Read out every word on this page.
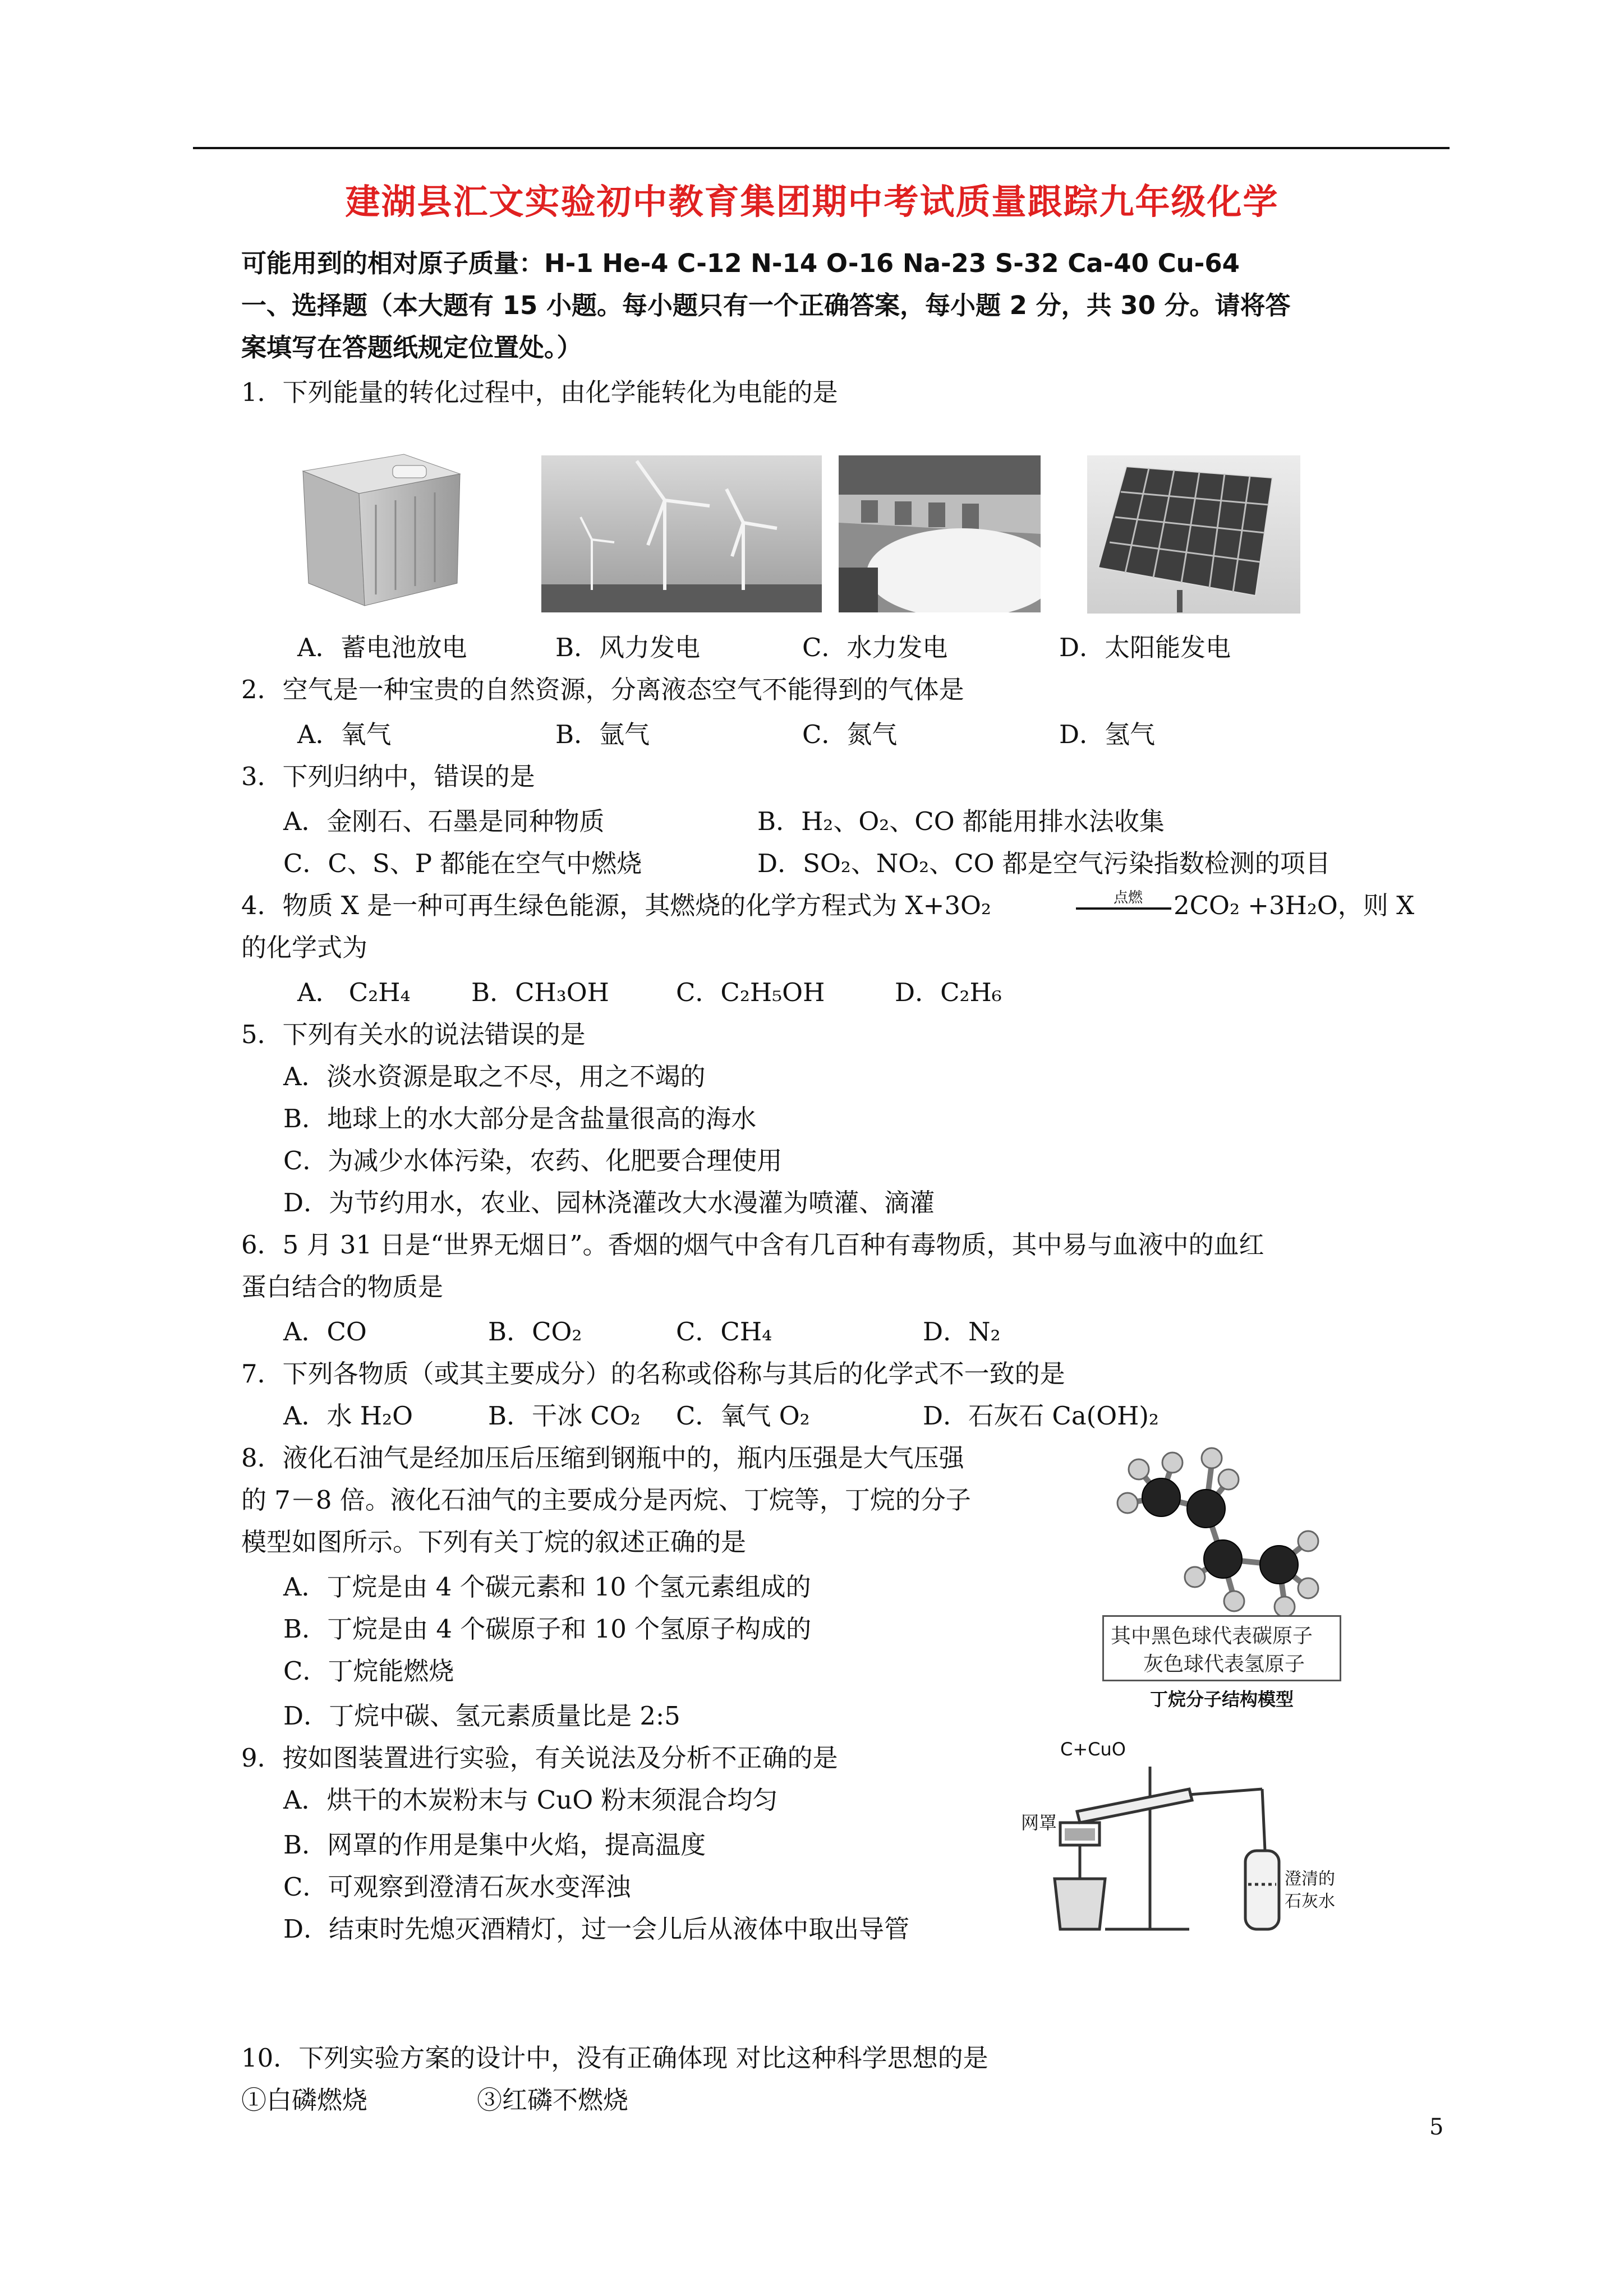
建湖县汇文实验初中教育集团期中考试质量跟踪九年级化学
可能用到的相对原子质量：H-1 He-4 C-12 N-14 O-16 Na-23 S-32 Ca-40 Cu-64
一、选择题（本大题有 15 小题。每小题只有一个正确答案，每小题 2 分，共 30 分。请将答
案填写在答题纸规定位置处。）
1．下列能量的转化过程中，由化学能转化为电能的是
A．蓄电池放电	B．风力发电	C．水力发电	D．太阳能发电
2．空气是一种宝贵的自然资源，分离液态空气不能得到的气体是
A．氧气	B．氩气	C．氮气	D．氢气
3．下列归纳中，错误的是
A．金刚石、石墨是同种物质	B．H₂、O₂、CO 都能用排水法收集
C．C、S、P 都能在空气中燃烧	D．SO₂、NO₂、CO 都是空气污染指数检测的项目
4．物质 X 是一种可再生绿色能源，其燃烧的化学方程式为 X+3O₂	点燃 2CO₂ +3H₂O，则 X
的化学式为
A． C₂H₄ B．CH₃OH	C．C₂H₅OH	D．C₂H₆
5．下列有关水的说法错误的是
A．淡水资源是取之不尽，用之不竭的
B．地球上的水大部分是含盐量很高的海水
C．为减少水体污染，农药、化肥要合理使用
D．为节约用水，农业、园林浇灌改大水漫灌为喷灌、滴灌
6．5 月 31 日是“世界无烟日”。香烟的烟气中含有几百种有毒物质，其中易与血液中的血红
蛋白结合的物质是
A．CO	B．CO₂	C．CH₄	D．N₂
7．下列各物质（或其主要成分）的名称或俗称与其后的化学式不一致的是
A．水 H₂O	B．干冰 CO₂ C．氧气 O₂	D．石灰石 Ca(OH)₂
8．液化石油气是经加压后压缩到钢瓶中的，瓶内压强是大气压强
的 7－8 倍。液化石油气的主要成分是丙烷、丁烷等，丁烷的分子
模型如图所示。下列有关丁烷的叙述正确的是
A．丁烷是由 4 个碳元素和 10 个氢元素组成的
B．丁烷是由 4 个碳原子和 10 个氢原子构成的
C．丁烷能燃烧
D．丁烷中碳、氢元素质量比是 2:5
其中黑色球代表碳原子
灰色球代表氢原子
丁烷分子结构模型
9．按如图装置进行实验，有关说法及分析不正确的是
A．烘干的木炭粉末与 CuO 粉末须混合均匀
B．网罩的作用是集中火焰，提高温度
C．可观察到澄清石灰水变浑浊
D．结束时先熄灭酒精灯，过一会儿后从液体中取出导管
C+CuO
网罩
澄清的
石灰水
10．下列实验方案的设计中，没有正确体现 对比这种科学思想的是
①白磷燃烧	③红磷不燃烧
5
